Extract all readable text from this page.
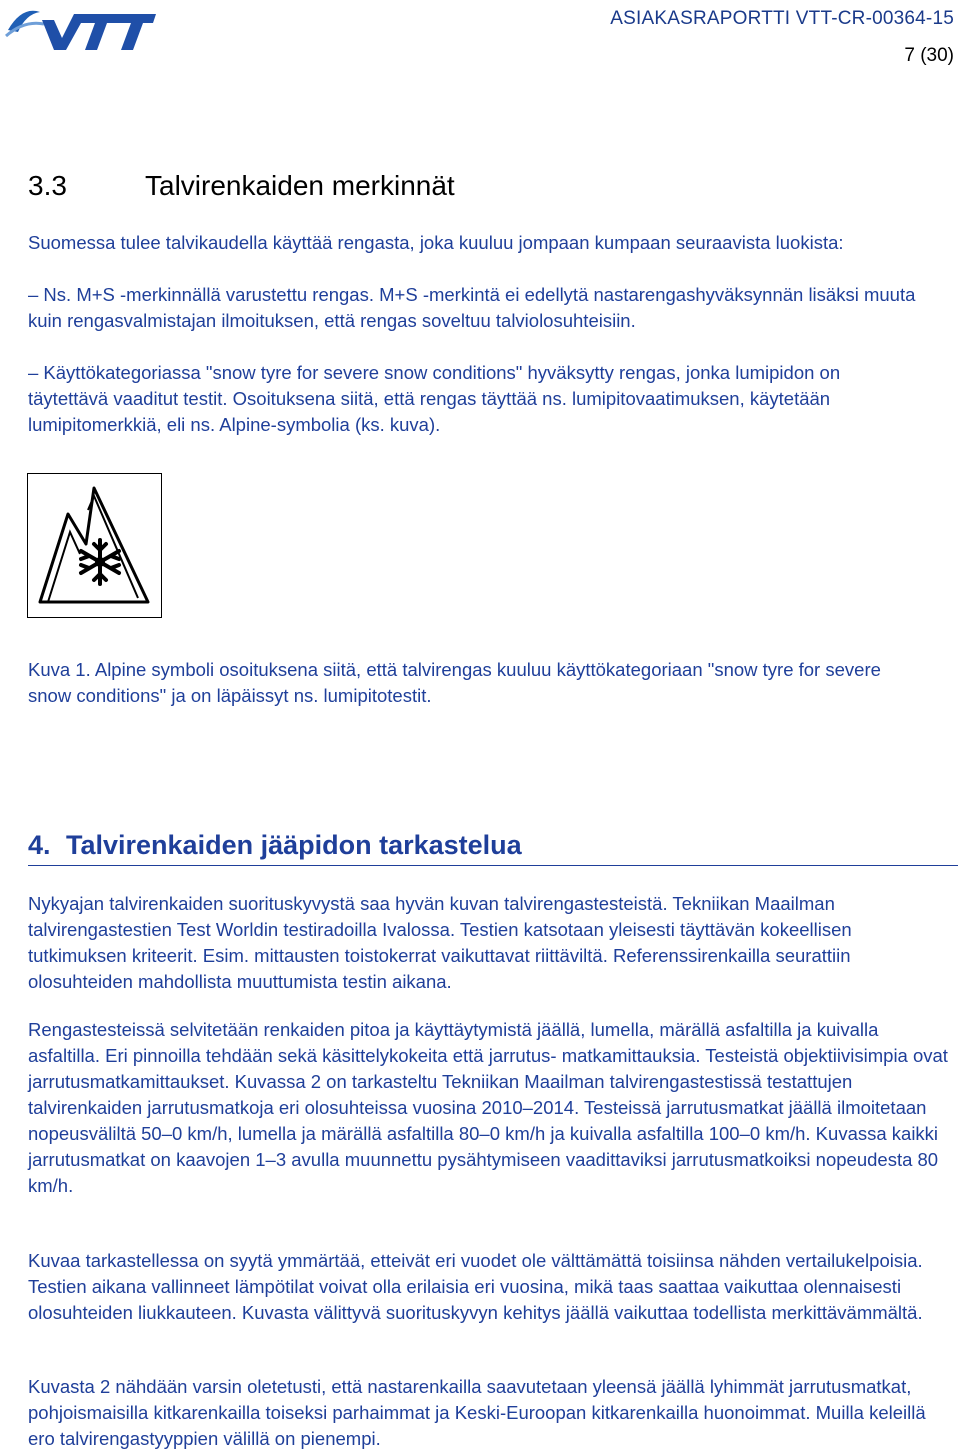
ASIAKASRAPORTTI VTT-CR-00364-15
7 (30)
3.3	Talvirenkaiden merkinnät

Suomessa tulee talvikaudella käyttää rengasta, joka kuuluu jompaan kumpaan seuraavista luokista:

– Ns. M+S -merkinnällä varustettu rengas. M+S -merkintä ei edellytä nastarengashyväksynnän lisäksi muuta kuin rengasvalmistajan ilmoituksen, että rengas soveltuu talviolosuhteisiin.

– Käyttökategoriassa "snow tyre for severe snow conditions" hyväksytty rengas, jonka lumipidon on täytettävä vaaditut testit. Osoituksena siitä, että rengas täyttää ns. lumipitovaatimuksen, käytetään lumipitomerkkiä, eli ns. Alpine-symbolia (ks. kuva).

Kuva 1. Alpine symboli osoituksena siitä, että talvirengas kuuluu käyttökategoriaan "snow tyre for severe snow conditions" ja on läpäissyt ns. lumipitotestit.

4. Talvirenkaiden jääpidon tarkastelua

Nykyajan talvirenkaiden suorituskyvystä saa hyvän kuvan talvirengastesteistä. Tekniikan Maailman talvirengastestien Test Worldin testiradoilla Ivalossa. Testien katsotaan yleisesti täyttävän kokeellisen tutkimuksen kriteerit. Esim. mittausten toistokerrat vaikuttavat riittäviltä. Referenssirenkailla seurattiin olosuhteiden mahdollista muuttumista testin aikana.

Rengastesteissä selvitetään renkaiden pitoa ja käyttäytymistä jäällä, lumella, märällä asfaltilla ja kuivalla asfaltilla. Eri pinnoilla tehdään sekä käsittelykokeita että jarrutus- matkamittauksia. Testeistä objektiivisimpia ovat jarrutusmatkamittaukset. Kuvassa 2 on tarkasteltu Tekniikan Maailman talvirengastestissä testattujen talvirenkaiden jarrutusmatkoja eri olosuhteissa vuosina 2010–2014. Testeissä jarrutusmatkat jäällä ilmoitetaan nopeusväliltä 50–0 km/h, lumella ja märällä asfaltilla 80–0 km/h ja kuivalla asfaltilla 100–0 km/h. Kuvassa kaikki jarrutusmatkat on kaavojen 1–3 avulla muunnettu pysähtymiseen vaadittaviksi jarrutusmatkoiksi nopeudesta 80 km/h.

Kuvaa tarkastellessa on syytä ymmärtää, etteivät eri vuodet ole välttämättä toisiinsa nähden vertailukelpoisia. Testien aikana vallinneet lämpötilat voivat olla erilaisia eri vuosina, mikä taas saattaa vaikuttaa olennaisesti olosuhteiden liukkauteen. Kuvasta välittyvä suorituskyvyn kehitys jäällä vaikuttaa todellista merkittävämmältä.

Kuvasta 2 nähdään varsin oletetusti, että nastarenkailla saavutetaan yleensä jäällä lyhimmät jarrutusmatkat, pohjoismaisilla kitkarenkailla toiseksi parhaimmat ja Keski-Euroopan kitkarenkailla huonoimmat. Muilla keleillä ero talvirengastyyppien välillä on pienempi.
